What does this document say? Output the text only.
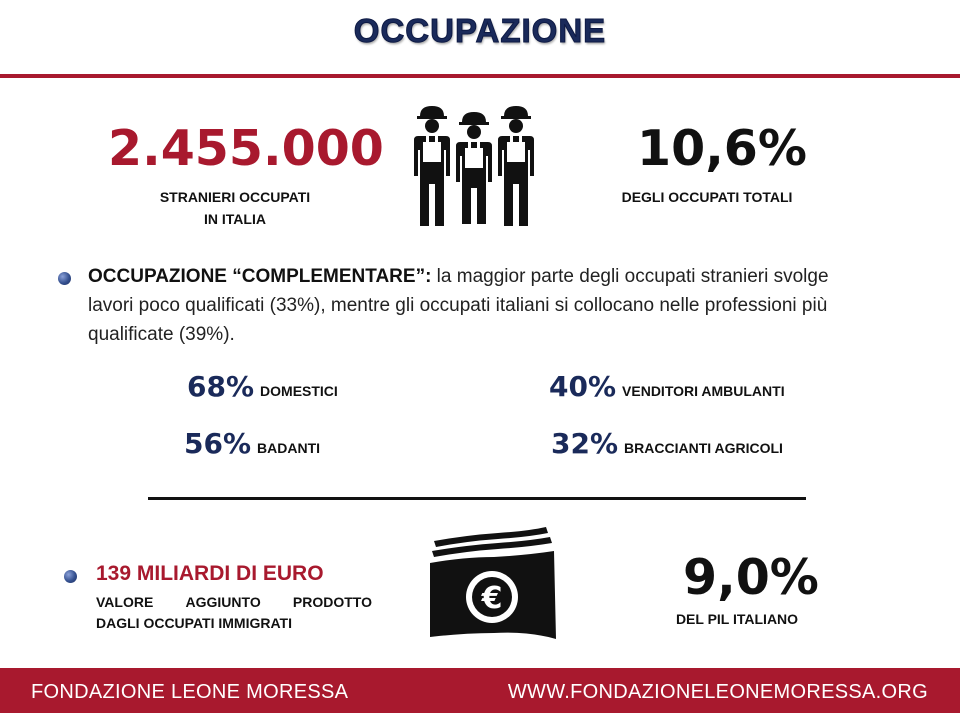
OCCUPAZIONE
2.455.000
STRANIERI OCCUPATI
IN ITALIA
10,6%
DEGLI OCCUPATI TOTALI
OCCUPAZIONE “COMPLEMENTARE”: la maggior parte degli occupati stranieri svolge lavori poco qualificati (33%), mentre gli occupati italiani si collocano nelle professioni più qualificate (39%).
68% DOMESTICI	40% VENDITORI AMBULANTI
56% BADANTI	32% BRACCIANTI AGRICOLI
139 MILIARDI DI EURO
VALORE AGGIUNTO PRODOTTO
DAGLI OCCUPATI IMMIGRATI
€	9,0%
DEL PIL ITALIANO
FONDAZIONE LEONE MORESSA	WWW.FONDAZIONELEONEMORESSA.ORG
